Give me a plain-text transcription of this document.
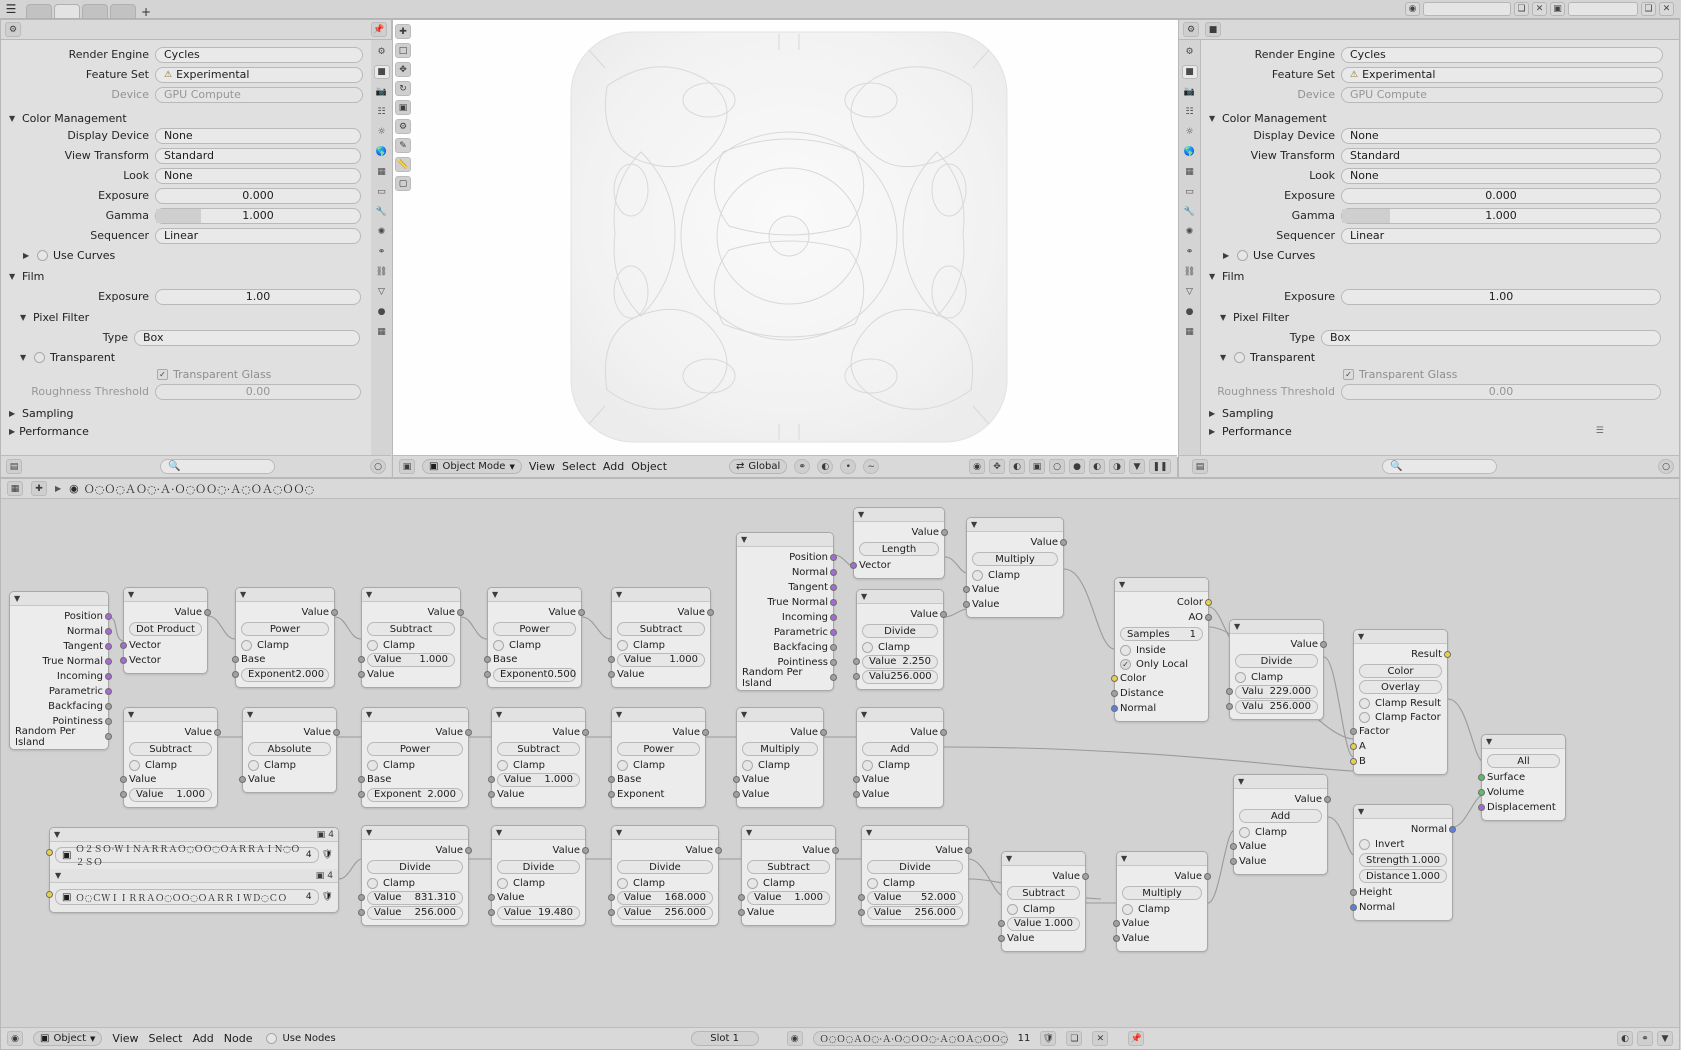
☰	+	◉	❏	✕	▣	❏	✕
⚙	📌
⚙
■
📷
☷
☼
🌎
▦
▭
🔧
✺
⚭
⛓
▽
●
▦
Render Engine	Cycles
Feature Set	⚠ Experimental
Device	GPU Compute
▼ Color Management
Display Device	None
View Transform	Standard
Look	None
Exposure	0.000
Gamma	1.000
Sequencer	Linear
▶ Use Curves
▼ Film
Exposure	1.00
▼ Pixel Filter
Type	Box
▼ Transparent
✓ Transparent Glass
Roughness Threshold	0.00
▶ Sampling
▶ Performance
▤	🔍	○
✚
□
✥
↻
▣
⚙
✎
📏
▢
▣	▣ Object Mode ▼ View Select Add Object	⇄ Global	⚭	◐	•	∼	◉	✥	◐	▣	○	●	◐	◑	▼	❚❚
⚙	■
⚙
■
📷
☷
☼
🌎
▦
▭
🔧
✺
⚭
⛓
▽
●
▦
Render Engine	Cycles
Feature Set	⚠ Experimental
Device	GPU Compute
▼ Color Management
Display Device	None
View Transform	Standard
Look	None
Exposure	0.000
Gamma	1.000
Sequencer	Linear
▶ Use Curves
▼ Film
Exposure	1.00
▼ Pixel Filter
Type	Box
▼ Transparent
✓ Transparent Glass
Roughness Threshold	0.00
▶ Sampling
▶ Performance	☰
▤	🔍	○
▦	✚	▶ ◉ Ｏ◌Ｏ◌ＡＯ◌·Ａ·Ｏ◌ＯＯ◌·Ａ◌ＯＡ◌ＯＯ◌
▼
Position
Normal
Tangent
True Normal
Incoming
Parametric
Backfacing
Pointiness
Random Per Island
▼
Value
Dot Product
Vector
Vector
▼
Value
Power
Clamp
Base
Exponent 2.000
▼
Value
Subtract
Clamp
Value 1.000
Value
▼
Value
Power
Clamp
Base
Exponent 0.500
▼
Value
Subtract
Clamp
Value 1.000
Value
▼
Position
Normal
Tangent
True Normal
Incoming
Parametric
Backfacing
Pointiness
Random Per Island
▼
Value
Length
Vector
▼
Value
Divide
Clamp
Value 2.250
Valu 256.000
▼
Value
Multiply
Clamp
Value
Value
▼
Color
AO
Samples 1
Inside
✓ Only Local
Color
Distance
Normal
▼
Value
Divide
Clamp
Valu 229.000
Valu 256.000
▼
Result
Color
Overlay
Clamp Result
Clamp Factor
Factor
A
B
▼
Value
Subtract
Clamp
Value
Value 1.000
▼
Value
Absolute
Clamp
Value
▼
Value
Power
Clamp
Base
Exponent 2.000
▼
Value
Subtract
Clamp
Value 1.000
Value
▼
Value
Power
Clamp
Base
Exponent
▼
Value
Multiply
Clamp
Value
Value
▼
Value
Add
Clamp
Value
Value
▼
Value
Add
Clamp
Value
Value
▼
Normal
Invert
Strength 1.000
Distance 1.000
Height
Normal
▼
All
Surface
Volume
Displacement
▼	▣ 4
▣ Ｏ２ＳＯ·ＷＩＮＡＲＲＡＯ◌ＯＯ◌ＯＡＲＲＡＩＮ◌Ｏ２ＳＯ
4 🛡
▼	▣ 4
▣ Ｏ◌ＣＷＩＩＲＲＡＯ◌ＯＯ◌ＯＡＲＲＩＷＤ◌ＣＯ 4 🛡
▼
Value
Divide
Clamp
Value 831.310
Value 256.000
▼
Value
Divide
Clamp
Value
Value 19.480
▼
Value
Divide
Clamp
Value 168.000
Value 256.000
▼
Value
Subtract
Clamp
Value 1.000
Value
▼
Value
Divide
Clamp
Value 52.000
Value 256.000
▼
Value
Subtract
Clamp
Value 1.000
Value
▼
Value
Multiply
Clamp
Value
Value
◉	▣ Object ▼ View Select Add Node	Use Nodes	Slot 1	◉	Ｏ◌Ｏ◌ＡＯ◌·Ａ·Ｏ◌ＯＯ◌·Ａ◌ＯＡ◌ＯＯ◌ 11 🛡	❏	✕	📌	◐	⚭	▼
